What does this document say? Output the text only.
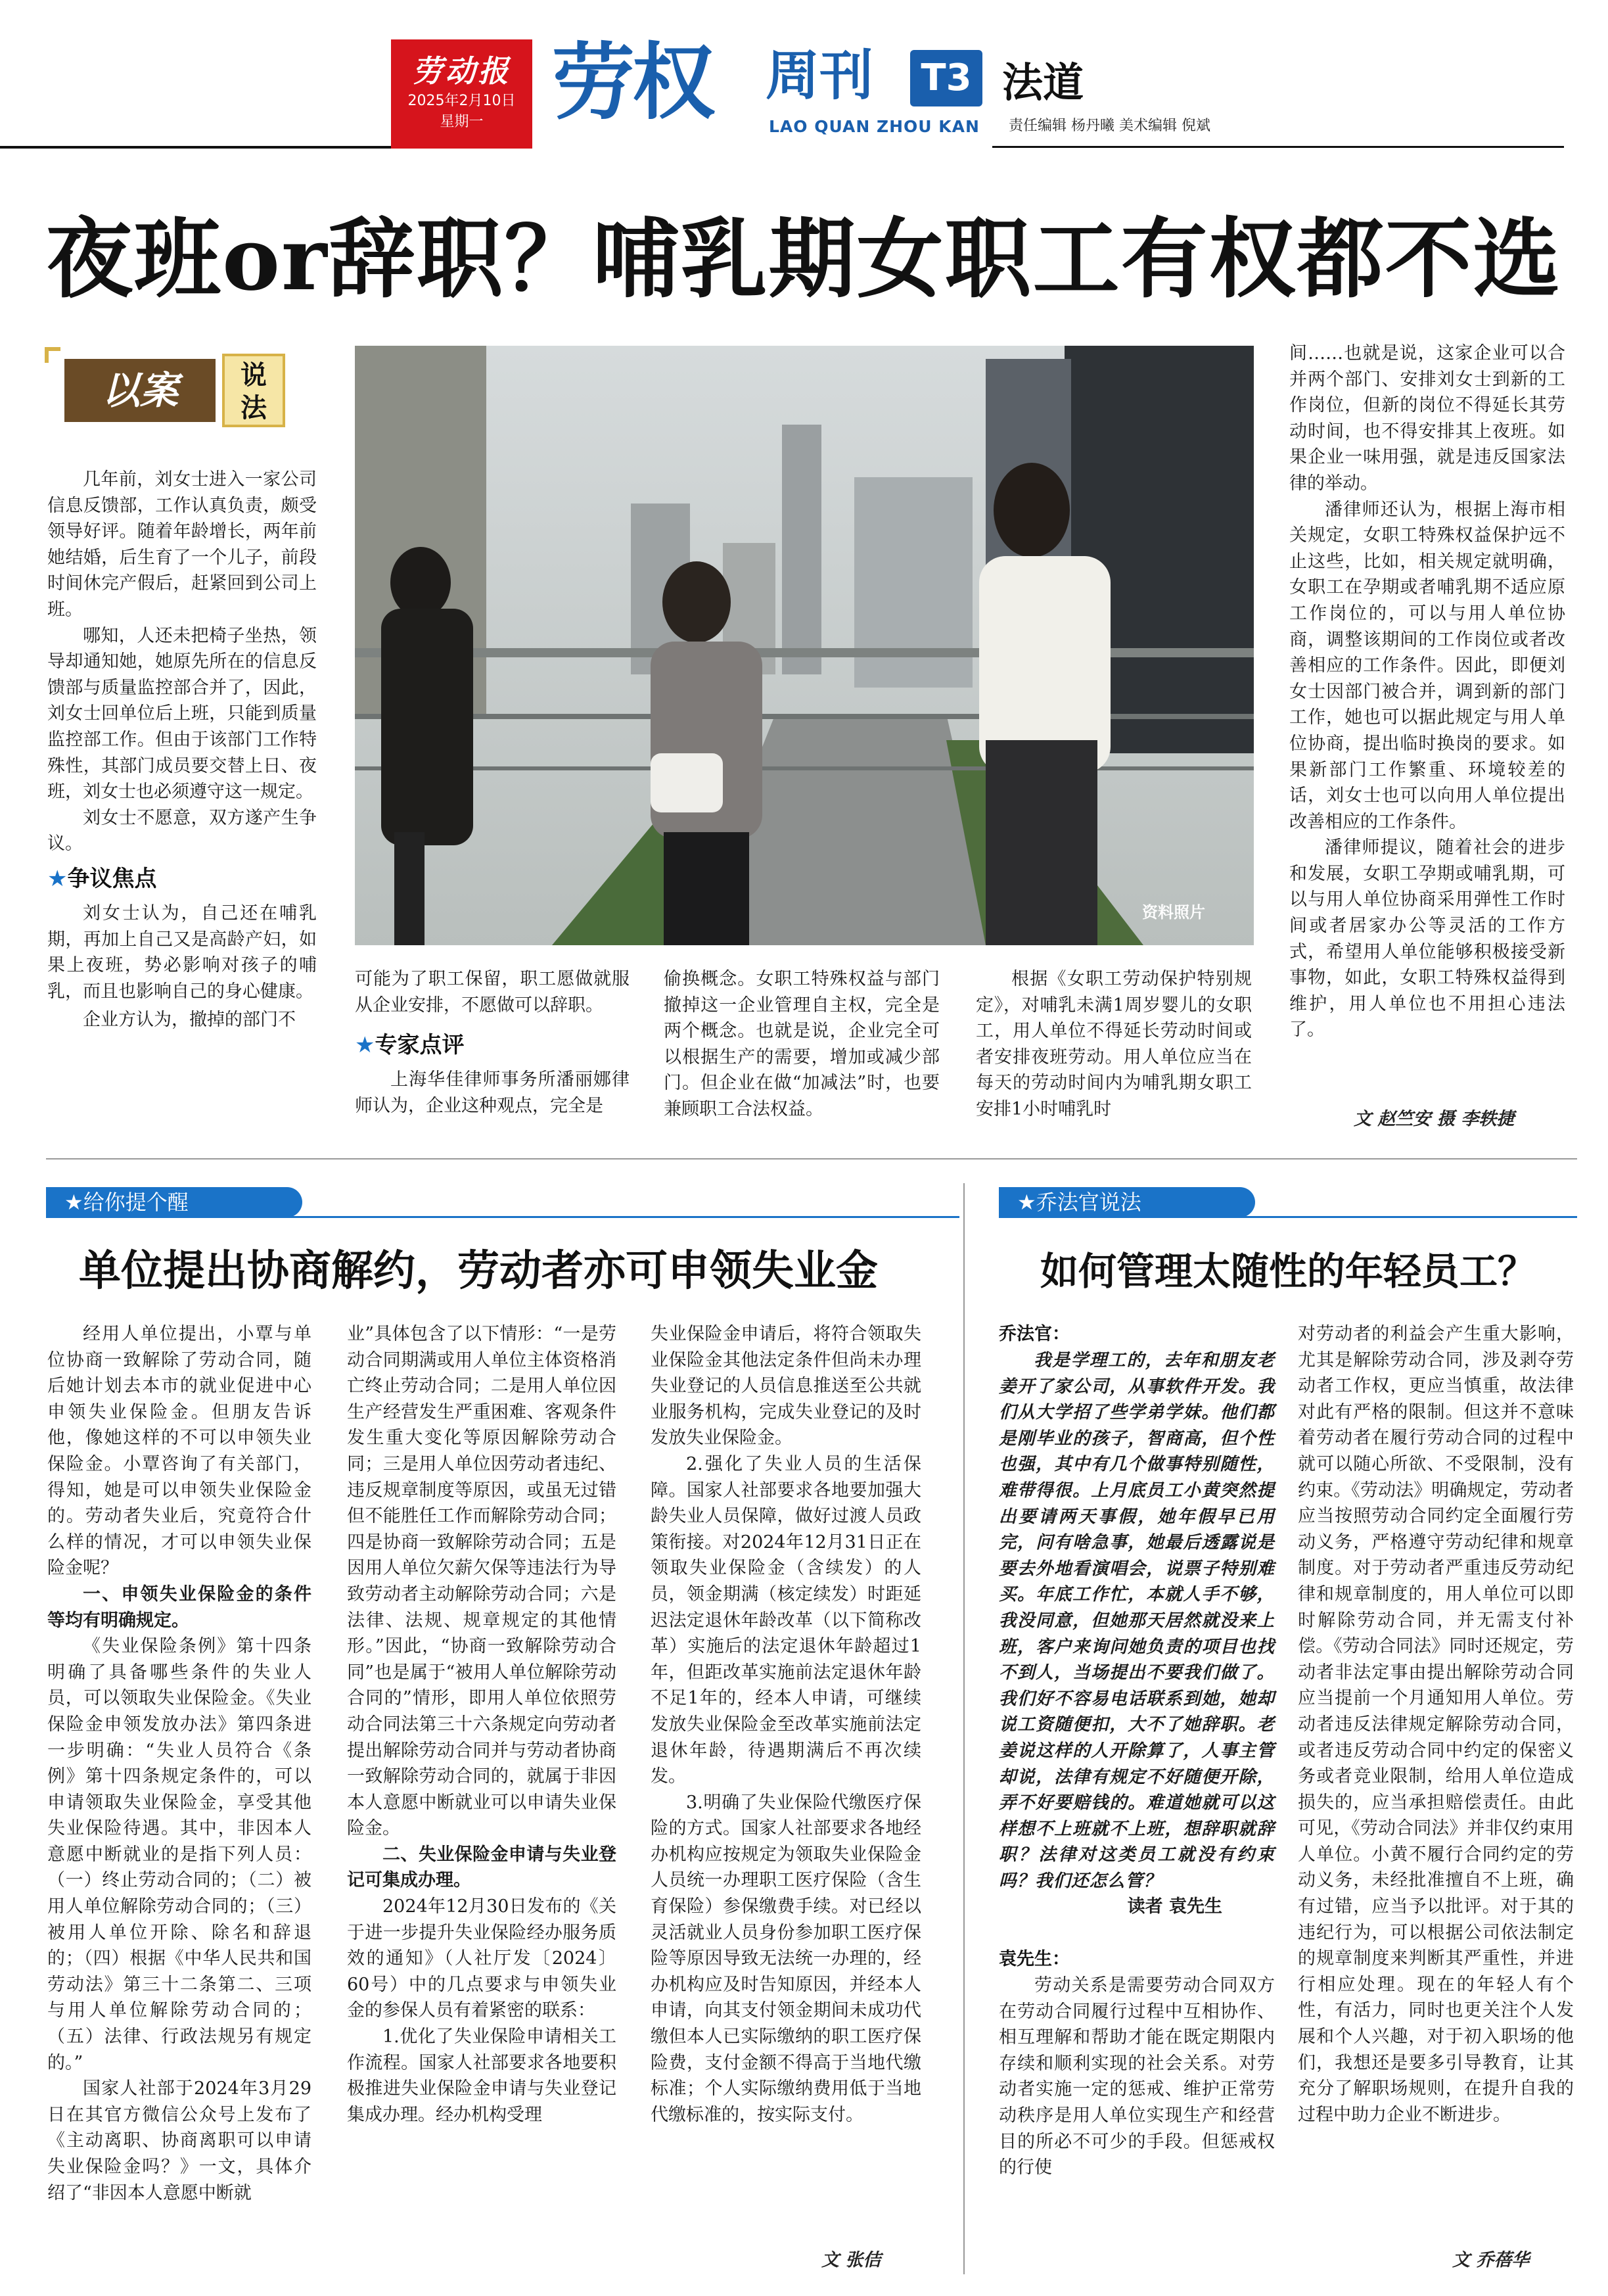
劳动报
2025年2月10日
星期一 劳权 周刊 T3
LAO QUAN ZHOU KAN
法道
责任编辑 杨丹曦 美术编辑 倪斌
夜班or辞职？哺乳期女职工有权都不选
以案	说
法

几年前，刘女士进入一家公司信息反馈部，工作认真负责，颇受领导好评。随着年龄增长，两年前她结婚，后生育了一个儿子，前段时间休完产假后，赶紧回到公司上班。

哪知，人还未把椅子坐热，领导却通知她，她原先所在的信息反馈部与质量监控部合并了，因此，刘女士回单位后上班，只能到质量监控部工作。但由于该部门工作特殊性，其部门成员要交替上日、夜班，刘女士也必须遵守这一规定。

刘女士不愿意，双方遂产生争议。

★争议焦点

刘女士认为，自己还在哺乳期，再加上自己又是高龄产妇，如果上夜班，势必影响对孩子的哺乳，而且也影响自己的身心健康。

企业方认为，撤掉的部门不

资料照片

可能为了职工保留，职工愿做就服从企业安排，不愿做可以辞职。

★专家点评

上海华佳律师事务所潘丽娜律师认为，企业这种观点，完全是

偷换概念。女职工特殊权益与部门撤掉这一企业管理自主权，完全是两个概念。也就是说，企业完全可以根据生产的需要，增加或减少部门。但企业在做“加减法”时，也要兼顾职工合法权益。

根据《女职工劳动保护特别规定》，对哺乳未满1周岁婴儿的女职工，用人单位不得延长劳动时间或者安排夜班劳动。用人单位应当在每天的劳动时间内为哺乳期女职工安排1小时哺乳时

间……也就是说，这家企业可以合并两个部门、安排刘女士到新的工作岗位，但新的岗位不得延长其劳动时间，也不得安排其上夜班。如果企业一味用强，就是违反国家法律的举动。

潘律师还认为，根据上海市相关规定，女职工特殊权益保护远不止这些，比如，相关规定就明确，女职工在孕期或者哺乳期不适应原工作岗位的，可以与用人单位协商，调整该期间的工作岗位或者改善相应的工作条件。因此，即便刘女士因部门被合并，调到新的部门工作，她也可以据此规定与用人单位协商，提出临时换岗的要求。如果新部门工作繁重、环境较差的话，刘女士也可以向用人单位提出改善相应的工作条件。

潘律师提议，随着社会的进步和发展，女职工孕期或哺乳期，可以与用人单位协商采用弹性工作时间或者居家办公等灵活的工作方式，希望用人单位能够积极接受新事物，如此，女职工特殊权益得到维护，用人单位也不用担心违法了。

文 赵竺安 摄 李轶捷
★给你提个醒
单位提出协商解约，劳动者亦可申领失业金

经用人单位提出，小覃与单位协商一致解除了劳动合同，随后她计划去本市的就业促进中心申领失业保险金。但朋友告诉他，像她这样的不可以申领失业保险金。小覃咨询了有关部门，得知，她是可以申领失业保险金的。劳动者失业后，究竟符合什么样的情况，才可以申领失业保险金呢？

一、申领失业保险金的条件等均有明确规定。

《失业保险条例》第十四条明确了具备哪些条件的失业人员，可以领取失业保险金。《失业保险金申领发放办法》第四条进一步明确：“失业人员符合《条例》第十四条规定条件的，可以申请领取失业保险金，享受其他失业保险待遇。其中，非因本人意愿中断就业的是指下列人员：（一）终止劳动合同的；（二）被用人单位解除劳动合同的；（三）被用人单位开除、除名和辞退的；（四）根据《中华人民共和国劳动法》第三十二条第二、三项与用人单位解除劳动合同的；（五）法律、行政法规另有规定的。”

国家人社部于2024年3月29日在其官方微信公众号上发布了《主动离职、协商离职可以申请失业保险金吗？》一文，具体介绍了“非因本人意愿中断就

业”具体包含了以下情形：“一是劳动合同期满或用人单位主体资格消亡终止劳动合同；二是用人单位因生产经营发生严重困难、客观条件发生重大变化等原因解除劳动合同；三是用人单位因劳动者违纪、违反规章制度等原因，或虽无过错但不能胜任工作而解除劳动合同；四是协商一致解除劳动合同；五是因用人单位欠薪欠保等违法行为导致劳动者主动解除劳动合同；六是法律、法规、规章规定的其他情形。”因此，“协商一致解除劳动合同”也是属于“被用人单位解除劳动合同的”情形，即用人单位依照劳动合同法第三十六条规定向劳动者提出解除劳动合同并与劳动者协商一致解除劳动合同的，就属于非因本人意愿中断就业可以申请失业保险金。

二、失业保险金申请与失业登记可集成办理。

2024年12月30日发布的《关于进一步提升失业保险经办服务质效的通知》（人社厅发〔2024〕60号）中的几点要求与申领失业金的参保人员有着紧密的联系：

1.优化了失业保险申请相关工作流程。国家人社部要求各地要积极推进失业保险金申请与失业登记集成办理。经办机构受理

失业保险金申请后，将符合领取失业保险金其他法定条件但尚未办理失业登记的人员信息推送至公共就业服务机构，完成失业登记的及时发放失业保险金。

2.强化了失业人员的生活保障。国家人社部要求各地要加强大龄失业人员保障，做好过渡人员政策衔接。对2024年12月31日正在领取失业保险金（含续发）的人员，领金期满（核定续发）时距延迟法定退休年龄改革（以下简称改革）实施后的法定退休年龄超过1年，但距改革实施前法定退休年龄不足1年的，经本人申请，可继续发放失业保险金至改革实施前法定退休年龄，待遇期满后不再次续发。

3.明确了失业保险代缴医疗保险的方式。国家人社部要求各地经办机构应按规定为领取失业保险金人员统一办理职工医疗保险（含生育保险）参保缴费手续。对已经以灵活就业人员身份参加职工医疗保险等原因导致无法统一办理的，经办机构应及时告知原因，并经本人申请，向其支付领金期间未成功代缴但本人已实际缴纳的职工医疗保险费，支付金额不得高于当地代缴标准；个人实际缴纳费用低于当地代缴标准的，按实际支付。

文 张佶
★乔法官说法
如何管理太随性的年轻员工？

乔法官：

我是学理工的，去年和朋友老姜开了家公司，从事软件开发。我们从大学招了些学弟学妹。他们都是刚毕业的孩子，智商高，但个性也强，其中有几个做事特别随性，难带得很。上月底员工小黄突然提出要请两天事假，她年假早已用完，问有啥急事，她最后透露说是要去外地看演唱会，说票子特别难买。年底工作忙，本就人手不够，我没同意，但她那天居然就没来上班，客户来询问她负责的项目也找不到人，当场提出不要我们做了。我们好不容易电话联系到她，她却说工资随便扣，大不了她辞职。老姜说这样的人开除算了，人事主管却说，法律有规定不好随便开除，弄不好要赔钱的。难道她就可以这样想不上班就不上班，想辞职就辞职？法律对这类员工就没有约束吗？我们还怎么管？

读者 袁先生

袁先生：

劳动关系是需要劳动合同双方在劳动合同履行过程中互相协作、相互理解和帮助才能在既定期限内存续和顺利实现的社会关系。对劳动者实施一定的惩戒、维护正常劳动秩序是用人单位实现生产和经营目的所必不可少的手段。但惩戒权的行使

对劳动者的利益会产生重大影响，尤其是解除劳动合同，涉及剥夺劳动者工作权，更应当慎重，故法律对此有严格的限制。但这并不意味着劳动者在履行劳动合同的过程中就可以随心所欲、不受限制，没有约束。《劳动法》明确规定，劳动者应当按照劳动合同约定全面履行劳动义务，严格遵守劳动纪律和规章制度。对于劳动者严重违反劳动纪律和规章制度的，用人单位可以即时解除劳动合同，并无需支付补偿。《劳动合同法》同时还规定，劳动者非法定事由提出解除劳动合同应当提前一个月通知用人单位。劳动者违反法律规定解除劳动合同，或者违反劳动合同中约定的保密义务或者竞业限制，给用人单位造成损失的，应当承担赔偿责任。由此可见，《劳动合同法》并非仅约束用人单位。小黄不履行合同约定的劳动义务，未经批准擅自不上班，确有过错，应当予以批评。对于其的违纪行为，可以根据公司依法制定的规章制度来判断其严重性，并进行相应处理。现在的年轻人有个性，有活力，同时也更关注个人发展和个人兴趣，对于初入职场的他们，我想还是要多引导教育，让其充分了解职场规则，在提升自我的过程中助力企业不断进步。

文 乔蓓华
